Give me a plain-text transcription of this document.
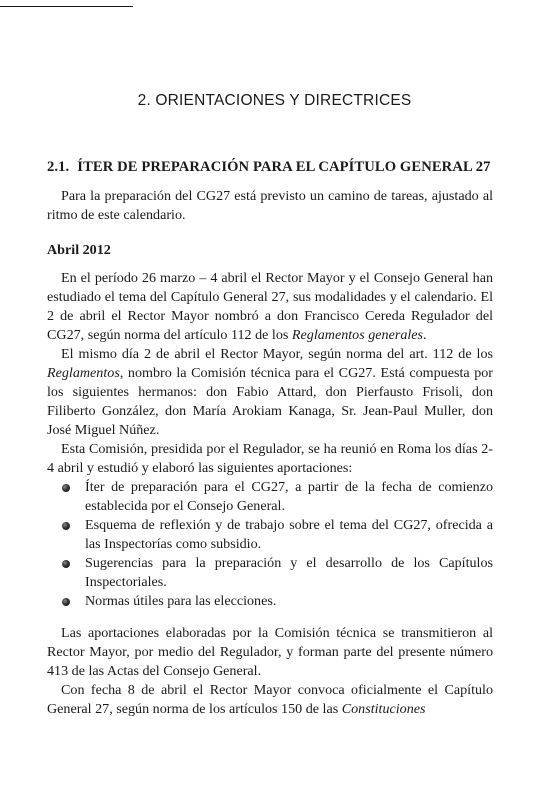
2. ORIENTACIONES Y DIRECTRICES
2.1. ÍTER DE PREPARACIÓN PARA EL CAPÍTULO GENERAL 27

Para la preparación del CG27 está previsto un camino de tareas, ajustado al ritmo de este calendario.

Abril 2012

En el período 26 marzo – 4 abril el Rector Mayor y el Consejo General han estudiado el tema del Capítulo General 27, sus modalidades y el calendario. El 2 de abril el Rector Mayor nombró a don Francisco Cereda Regulador del CG27, según norma del artículo 112 de los Reglamentos generales.

El mismo día 2 de abril el Rector Mayor, según norma del art. 112 de los Reglamentos, nombro la Comisión técnica para el CG27. Está compuesta por los siguientes hermanos: don Fabio Attard, don Pierfausto Frisoli, don Filiberto González, don María Arokiam Kanaga, Sr. Jean-Paul Muller, don José Miguel Núñez.

Esta Comisión, presidida por el Regulador, se ha reunió en Roma los días 2-4 abril y estudió y elaboró las siguientes aportaciones:

Íter de preparación para el CG27, a partir de la fecha de comienzo establecida por el Consejo General.
Esquema de reflexión y de trabajo sobre el tema del CG27, ofrecida a las Inspectorías como subsidio.
Sugerencias para la preparación y el desarrollo de los Capítulos Inspectoriales.
Normas útiles para las elecciones.

Las aportaciones elaboradas por la Comisión técnica se transmitieron al Rector Mayor, por medio del Regulador, y forman parte del presente número 413 de las Actas del Consejo General.

Con fecha 8 de abril el Rector Mayor convoca oficialmente el Capítulo General 27, según norma de los artículos 150 de las Constituciones
